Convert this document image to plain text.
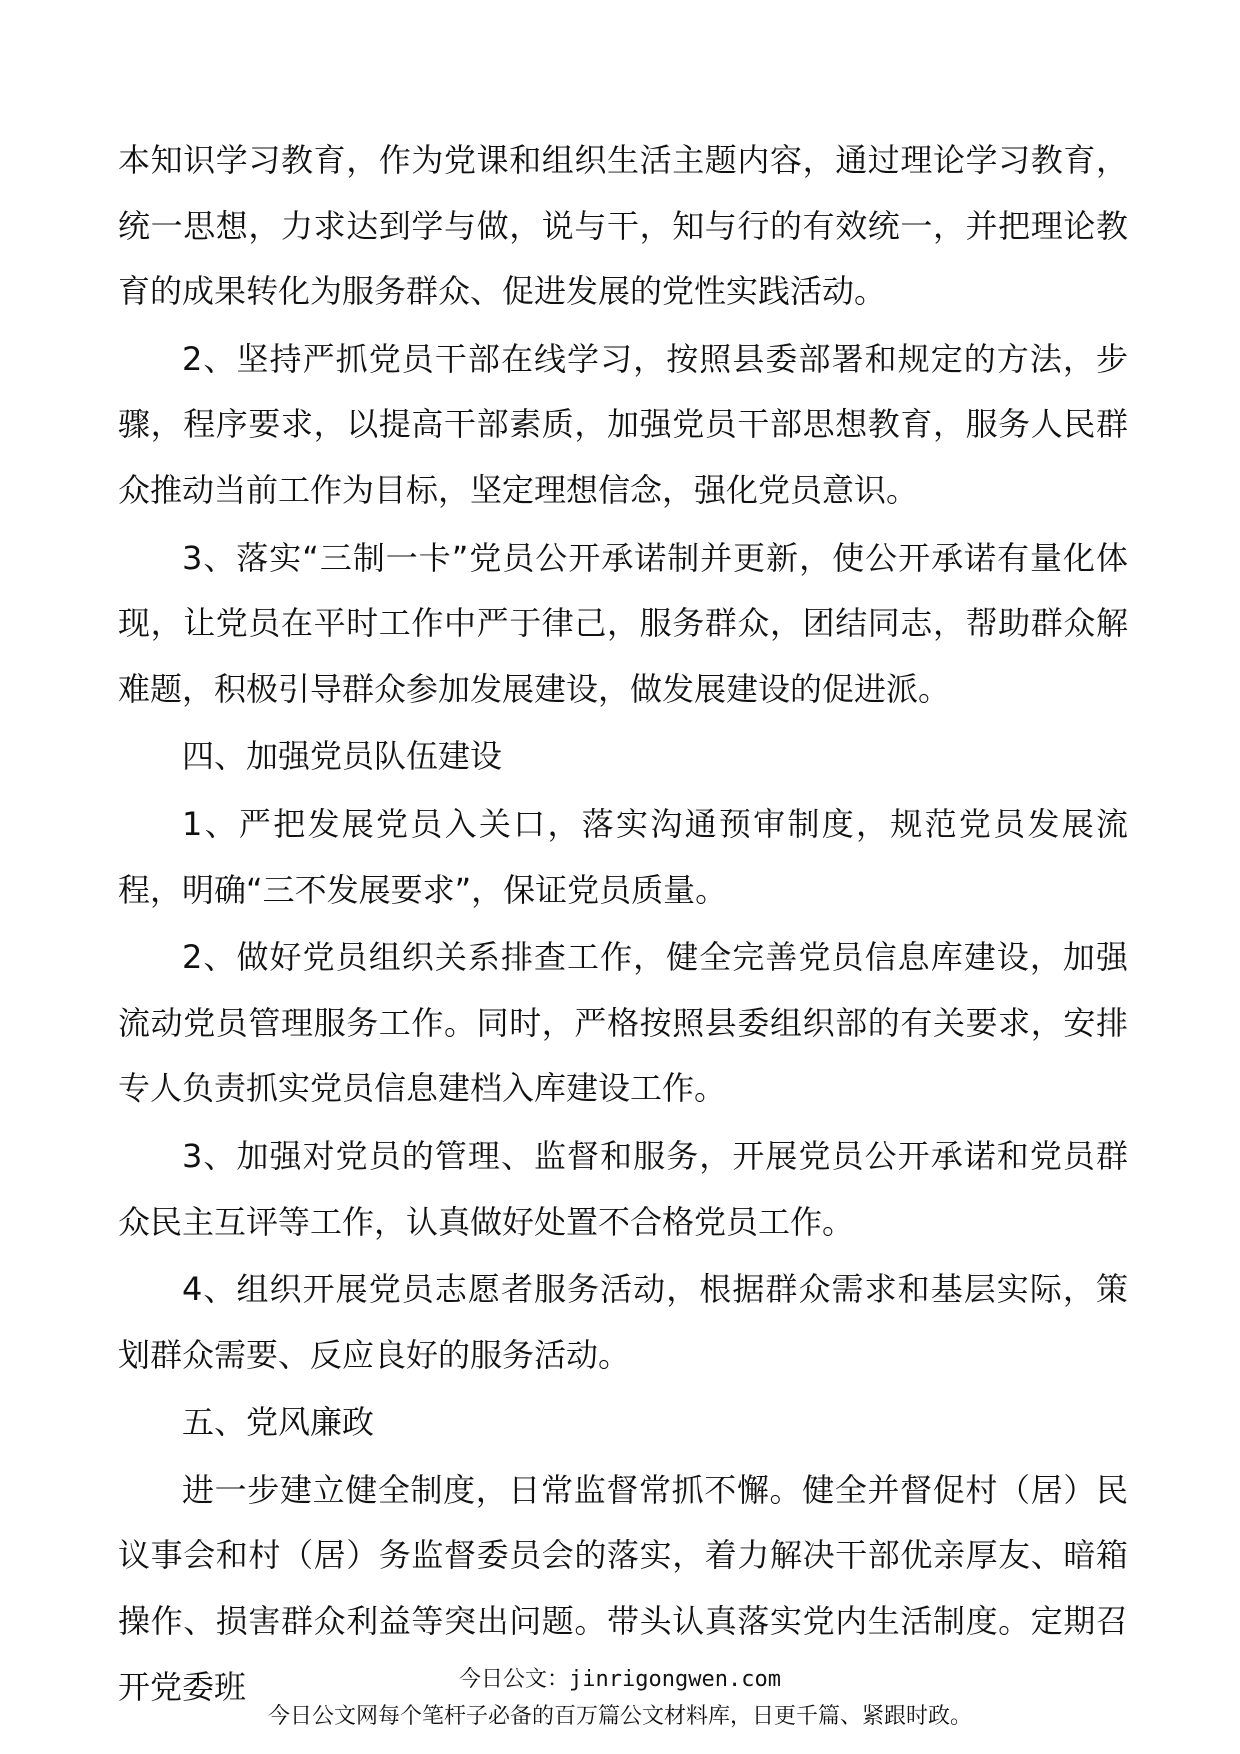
本知识学习教育，作为党课和组织生活主题内容，通过理论学习教育，统一思想，力求达到学与做，说与干，知与行的有效统一，并把理论教育的成果转化为服务群众、促进发展的党性实践活动。

2、坚持严抓党员干部在线学习，按照县委部署和规定的方法，步骤，程序要求，以提高干部素质，加强党员干部思想教育，服务人民群众推动当前工作为目标，坚定理想信念，强化党员意识。

3、落实“三制一卡”党员公开承诺制并更新，使公开承诺有量化体现，让党员在平时工作中严于律己，服务群众，团结同志，帮助群众解难题，积极引导群众参加发展建设，做发展建设的促进派。

四、加强党员队伍建设

1、严把发展党员入关口，落实沟通预审制度，规范党员发展流程，明确“三不发展要求”，保证党员质量。

2、做好党员组织关系排查工作，健全完善党员信息库建设，加强流动党员管理服务工作。同时，严格按照县委组织部的有关要求，安排专人负责抓实党员信息建档入库建设工作。

3、加强对党员的管理、监督和服务，开展党员公开承诺和党员群众民主互评等工作，认真做好处置不合格党员工作。

4、组织开展党员志愿者服务活动，根据群众需求和基层实际，策划群众需要、反应良好的服务活动。

五、党风廉政

进一步建立健全制度，日常监督常抓不懈。健全并督促村（居）民议事会和村（居）务监督委员会的落实，着力解决干部优亲厚友、暗箱操作、损害群众利益等突出问题。带头认真落实党内生活制度。定期召开党委班	今日公文：jinrigongwen.com
今日公文网每个笔杆子必备的百万篇公文材料库，日更千篇、紧跟时政。
